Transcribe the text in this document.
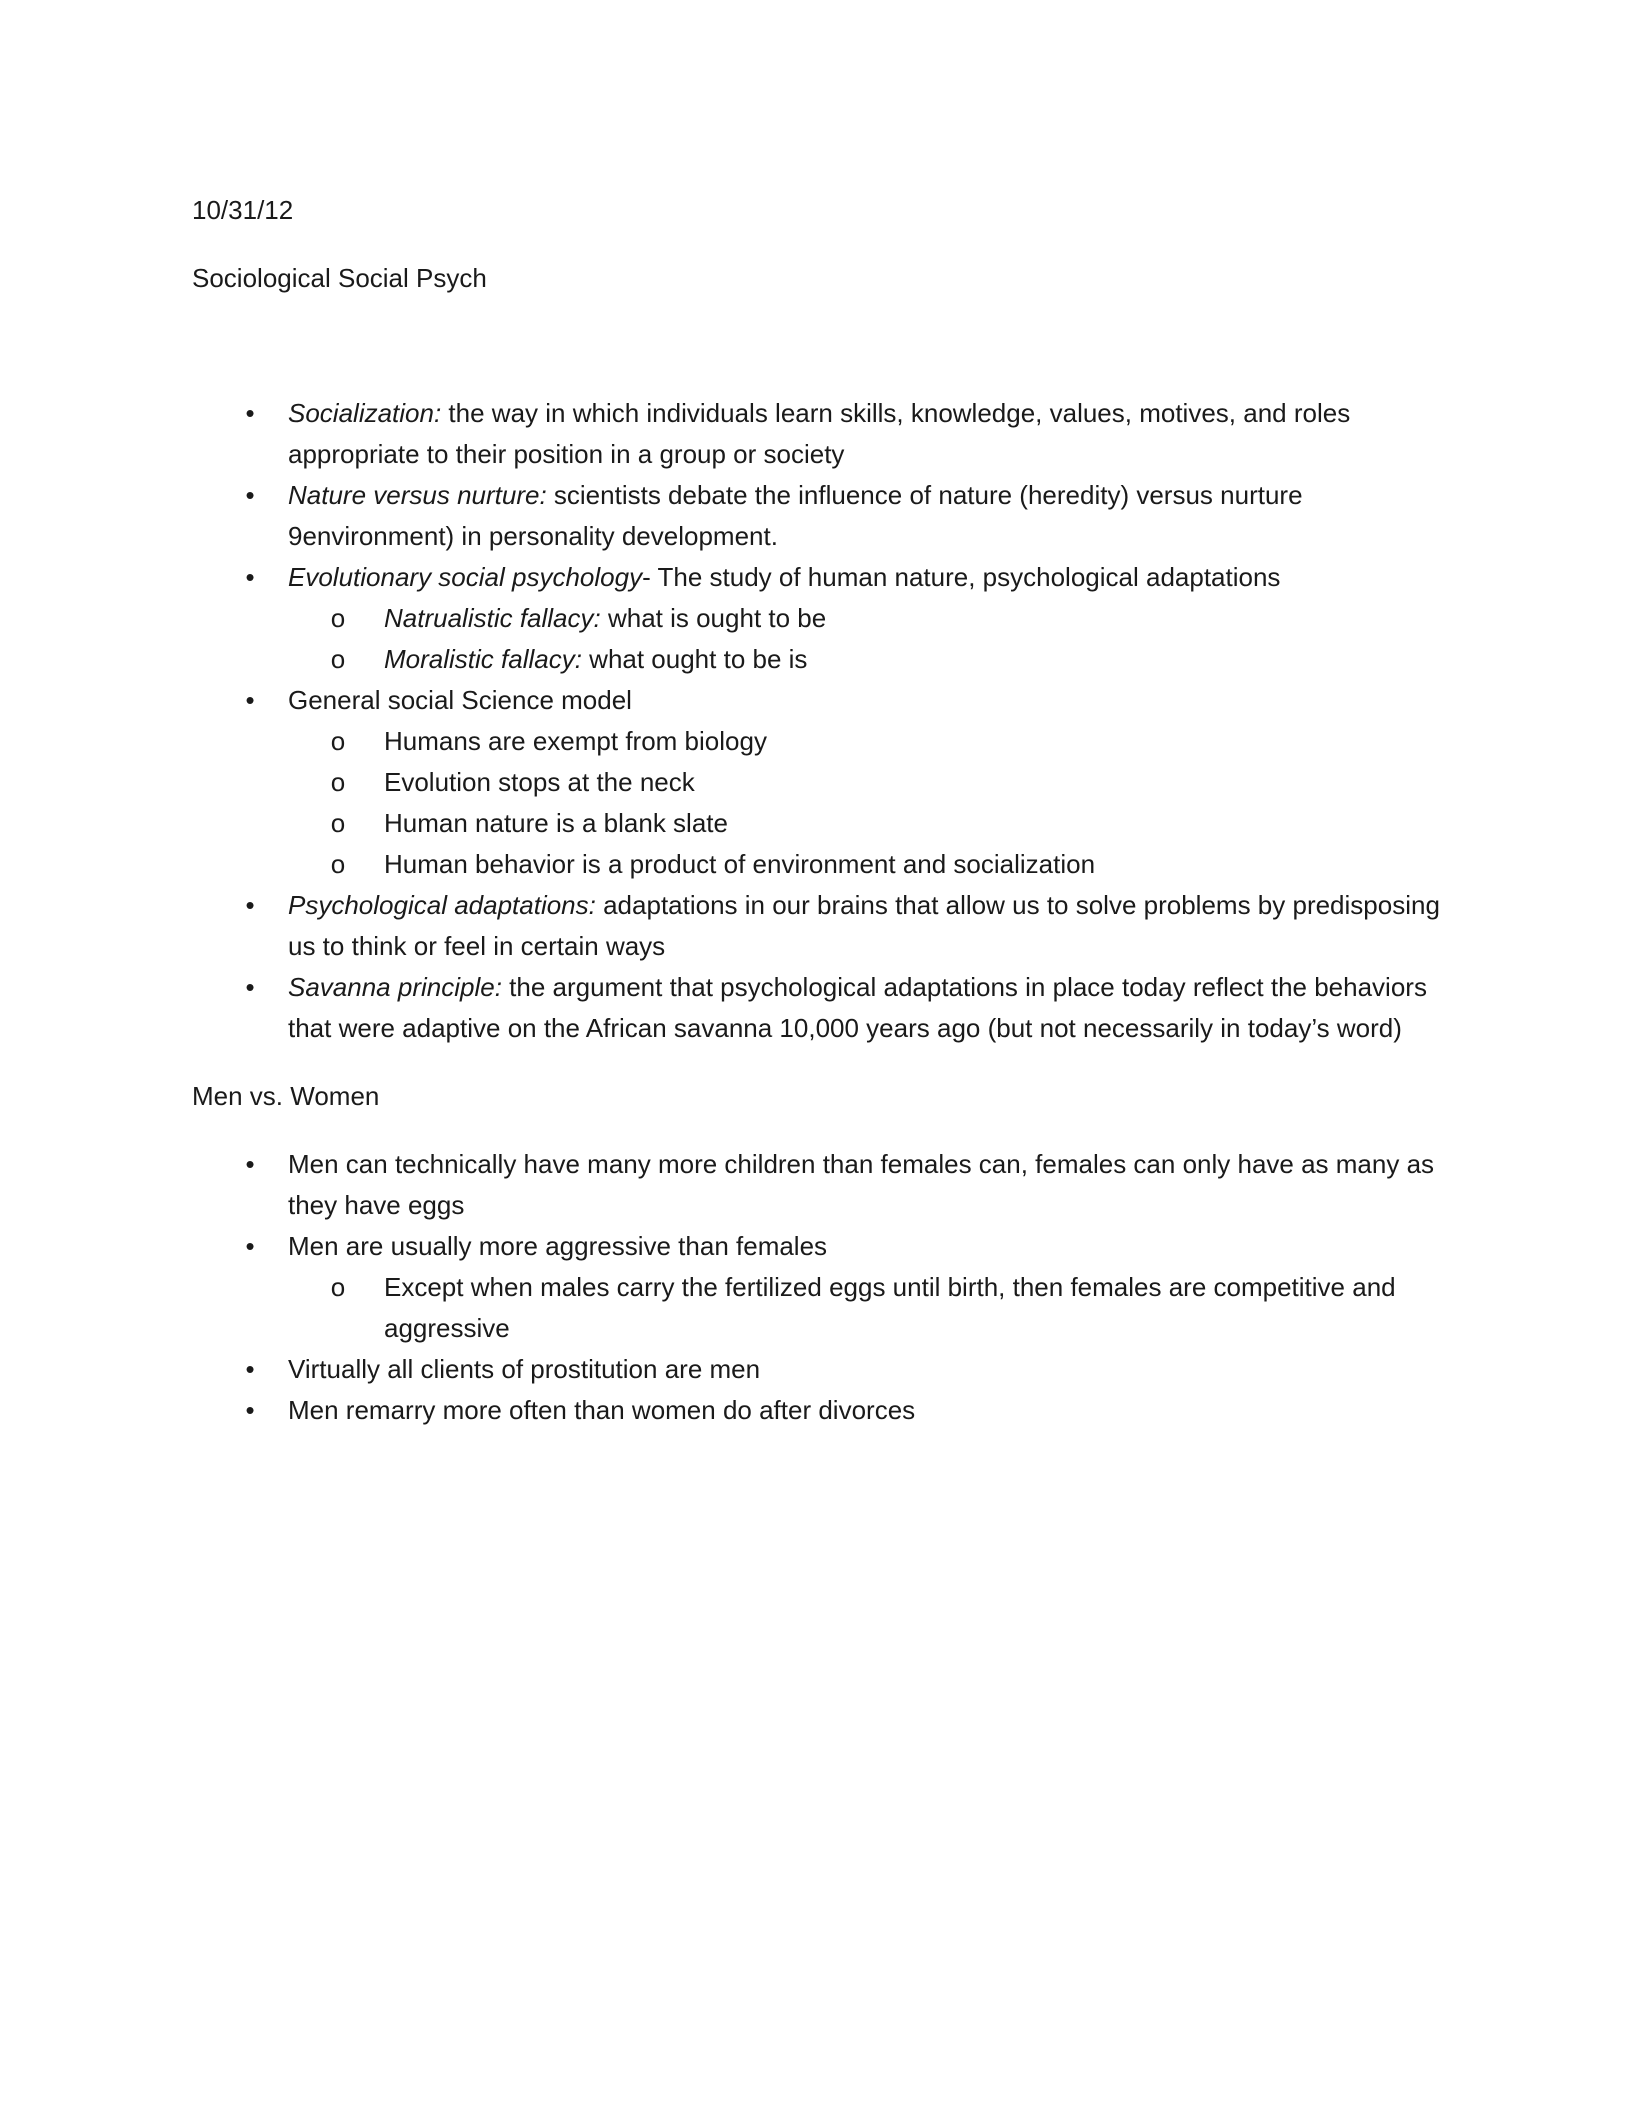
10/31/12

Sociological Social Psych

• Socialization: the way in which individuals learn skills, knowledge, values, motives, and roles appropriate to their position in a group or society
• Nature versus nurture: scientists debate the influence of nature (heredity) versus nurture 9environment) in personality development.
• Evolutionary social psychology- The study of human nature, psychological adaptations
o Natrualistic fallacy: what is ought to be
o Moralistic fallacy: what ought to be is
• General social Science model
o Humans are exempt from biology
o Evolution stops at the neck
o Human nature is a blank slate
o Human behavior is a product of environment and socialization
• Psychological adaptations: adaptations in our brains that allow us to solve problems by predisposing us to think or feel in certain ways
• Savanna principle: the argument that psychological adaptations in place today reflect the behaviors that were adaptive on the African savanna 10,000 years ago (but not necessarily in today’s word)

Men vs. Women

• Men can technically have many more children than females can, females can only have as many as they have eggs
• Men are usually more aggressive than females
o Except when males carry the fertilized eggs until birth, then females are competitive and aggressive
• Virtually all clients of prostitution are men
• Men remarry more often than women do after divorces
